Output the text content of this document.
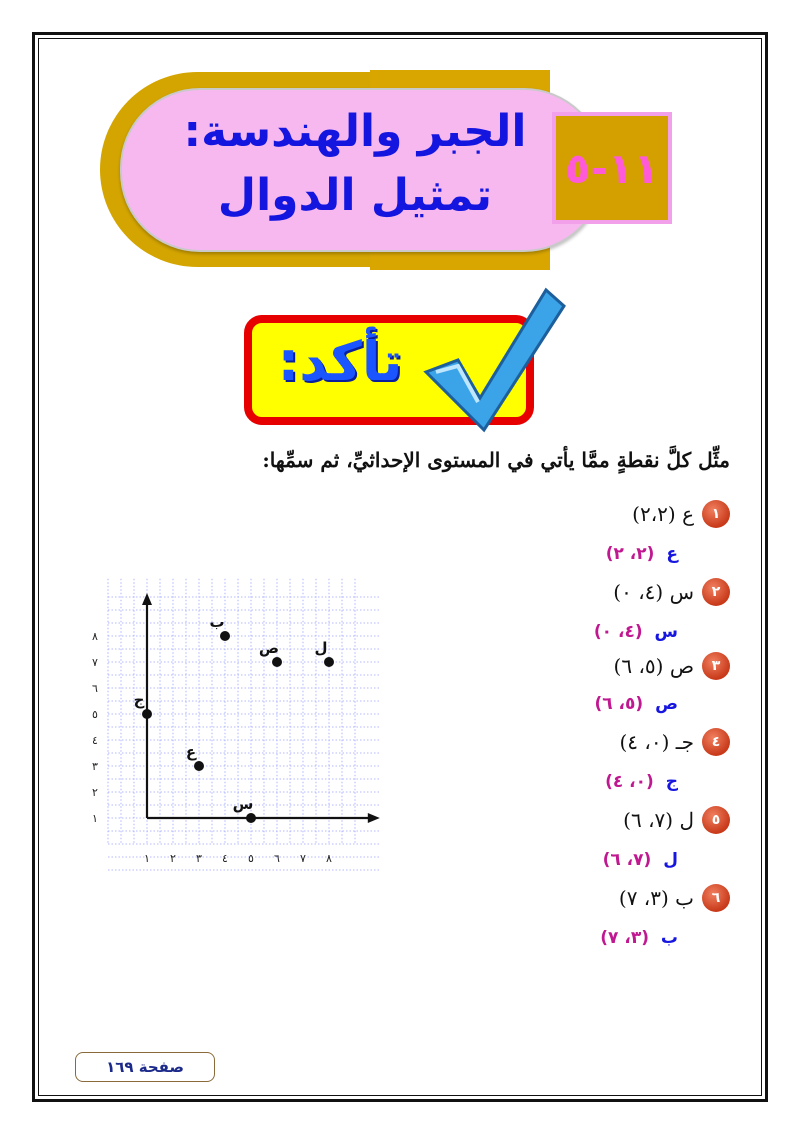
الجبر والهندسة:
تمثيل الدوال
١١-٥
تأكد:
مثِّل كلَّ نقطةٍ ممَّا يأتي في المستوى الإحداثيِّ، ثم سمِّها:
١
ع (٢،٢)
ع (٢، ٢)
٢
س (٤، ٠)
س (٤، ٠)
٣
ص (٥، ٦)
ص (٥، ٦)
٤
جـ (٠، ٤)
ج (٠، ٤)
٥
ل (٧، ٦)
ل (٧، ٦)
٦
ب (٣، ٧)
ب (٣، ٧)
١ ٢ ٣ ٤ ٥ ٦ ٧ ٨
١
٢
٣
٤
٥
٦
٧
٨
ع
س
ص
ج
ل
ب
صفحة ١٦٩
